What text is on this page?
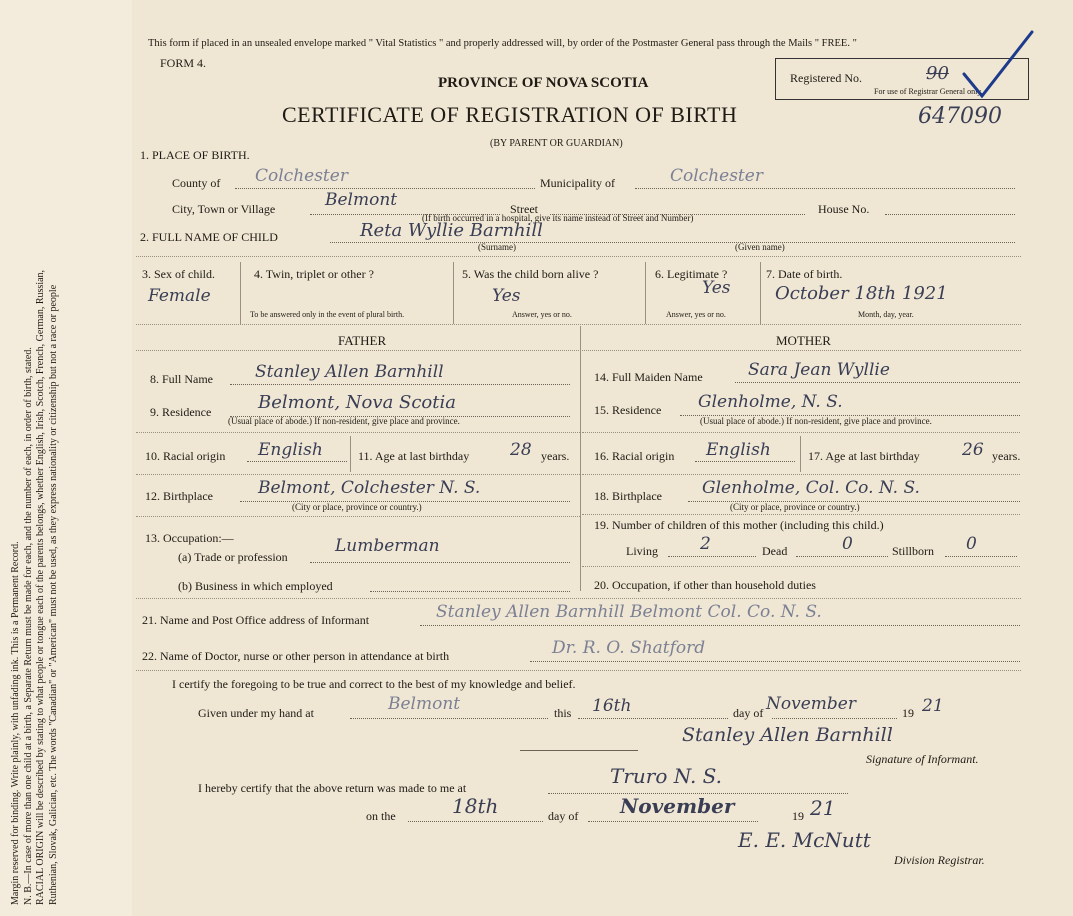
Margin reserved for binding. Write plainly, with unfading ink. This is a Permanent Record. N. B.—In case of more than one child at a birth, a Separate Return must be made for each, and the number of each, in order of birth, stated. RACIAL ORIGIN will be described by stating to what people or tongue each of the parents belongs, whether English, Irish, Scotch, French, German, Russian, Ruthenian, Slovak, Galician, etc. The words "Canadian" or "American" must not be used, as they express nationality or citizenship but not a race or people
This form if placed in an unsealed envelope marked " Vital Statistics " and properly addressed will, by order of the Postmaster General pass through the Mails " FREE. "
FORM 4.
PROVINCE OF NOVA SCOTIA
CERTIFICATE OF REGISTRATION OF BIRTH
(BY PARENT OR GUARDIAN)
Registered No.	90
For use of Registrar General only.
647090
1. PLACE OF BIRTH.
County of Colchester	Municipality of	Colchester
City, Town or Village	Belmont	Street	House No.
(If birth occurred in a hospital, give its name instead of Street and Number)
2. FULL NAME OF CHILD	Reta Wyllie Barnhill
(Surname)	(Given name)
3. Sex of child.
Female
4. Twin, triplet or other ?
To be answered only in the event of plural birth.
5. Was the child born alive ?
Yes
Answer, yes or no.
6. Legitimate ?
Yes
Answer, yes or no.
7. Date of birth.
October 18th 1921
Month, day, year.
FATHER	MOTHER
8. Full Name Stanley Allen Barnhill
9. Residence	Belmont, Nova Scotia
(Usual place of abode.) If non-resident, give place and province.
10. Racial origin English	11. Age at last birthday 28 years.
12. Birthplace	Belmont, Colchester N. S.
(City or place, province or country.)
13. Occupation:—
(a) Trade or profession
Lumberman
(b) Business in which employed
14. Full Maiden Name	Sara Jean Wyllie
15. Residence Glenholme, N. S.
(Usual place of abode.) If non-resident, give place and province.
16. Racial origin English	17. Age at last birthday 26 years.
18. Birthplace Glenholme, Col. Co. N. S.
(City or place, province or country.)
19. Number of children of this mother (including this child.)
Living 2	Dead	0	Stillborn 0
20. Occupation, if other than household duties
21. Name and Post Office address of Informant	Stanley Allen Barnhill Belmont Col. Co. N. S.
22. Name of Doctor, nurse or other person in attendance at birth	Dr. R. O. Shatford
I certify the foregoing to be true and correct to the best of my knowledge and belief.
Given under my hand at	Belmont	this 16th	day of November	19 21
Stanley Allen Barnhill
Signature of Informant.
I hereby certify that the above return was made to me at	Truro N. S.
on the	18th	day of November	19 21
E. E. McNutt
Division Registrar.
